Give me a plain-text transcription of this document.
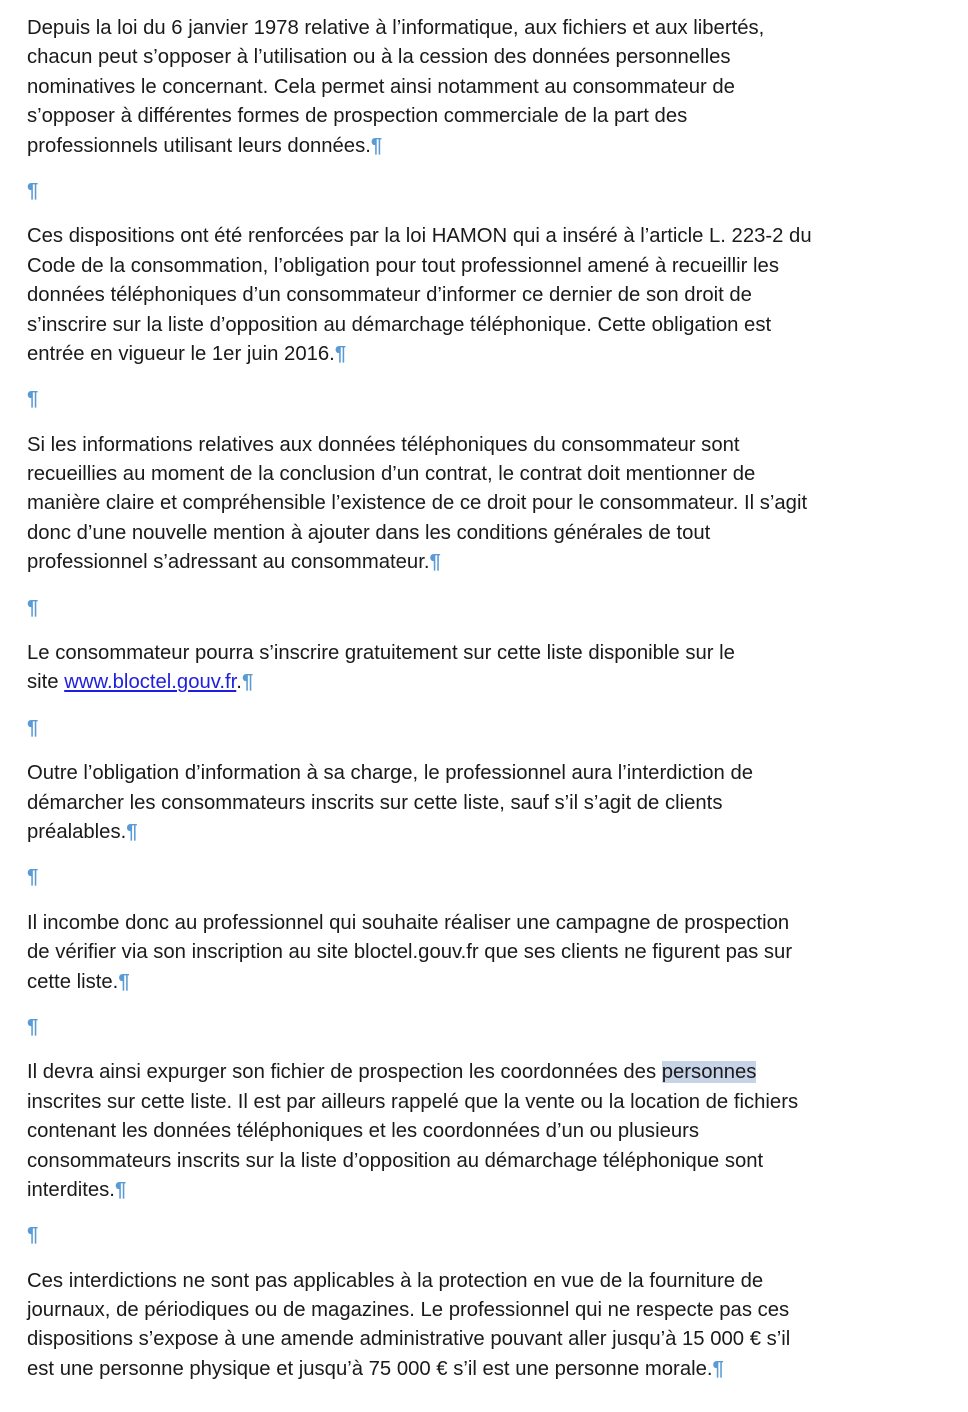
Depuis la loi du 6 janvier 1978 relative à l’informatique, aux fichiers et aux libertés,
chacun peut s’opposer à l’utilisation ou à la cession des données personnelles
nominatives le concernant. Cela permet ainsi notamment au consommateur de
s’opposer à différentes formes de prospection commerciale de la part des
professionnels utilisant leurs données.¶

¶

Ces dispositions ont été renforcées par la loi HAMON qui a inséré à l’article L. 223-2 du
Code de la consommation, l’obligation pour tout professionnel amené à recueillir les
données téléphoniques d’un consommateur d’informer ce dernier de son droit de
s’inscrire sur la liste d’opposition au démarchage téléphonique. Cette obligation est
entrée en vigueur le 1er juin 2016.¶

¶

Si les informations relatives aux données téléphoniques du consommateur sont
recueillies au moment de la conclusion d’un contrat, le contrat doit mentionner de
manière claire et compréhensible l’existence de ce droit pour le consommateur. Il s’agit
donc d’une nouvelle mention à ajouter dans les conditions générales de tout
professionnel s’adressant au consommateur.¶

¶

Le consommateur pourra s’inscrire gratuitement sur cette liste disponible sur le
site www.bloctel.gouv.fr.¶

¶

Outre l’obligation d’information à sa charge, le professionnel aura l’interdiction de
démarcher les consommateurs inscrits sur cette liste, sauf s’il s’agit de clients
préalables.¶

¶

Il incombe donc au professionnel qui souhaite réaliser une campagne de prospection
de vérifier via son inscription au site bloctel.gouv.fr que ses clients ne figurent pas sur
cette liste.¶

¶

Il devra ainsi expurger son fichier de prospection les coordonnées des personnes
inscrites sur cette liste. Il est par ailleurs rappelé que la vente ou la location de fichiers
contenant les données téléphoniques et les coordonnées d’un ou plusieurs
consommateurs inscrits sur la liste d’opposition au démarchage téléphonique sont
interdites.¶

¶

Ces interdictions ne sont pas applicables à la protection en vue de la fourniture de
journaux, de périodiques ou de magazines. Le professionnel qui ne respecte pas ces
dispositions s’expose à une amende administrative pouvant aller jusqu’à 15 000 € s’il
est une personne physique et jusqu’à 75 000 € s’il est une personne morale.¶
